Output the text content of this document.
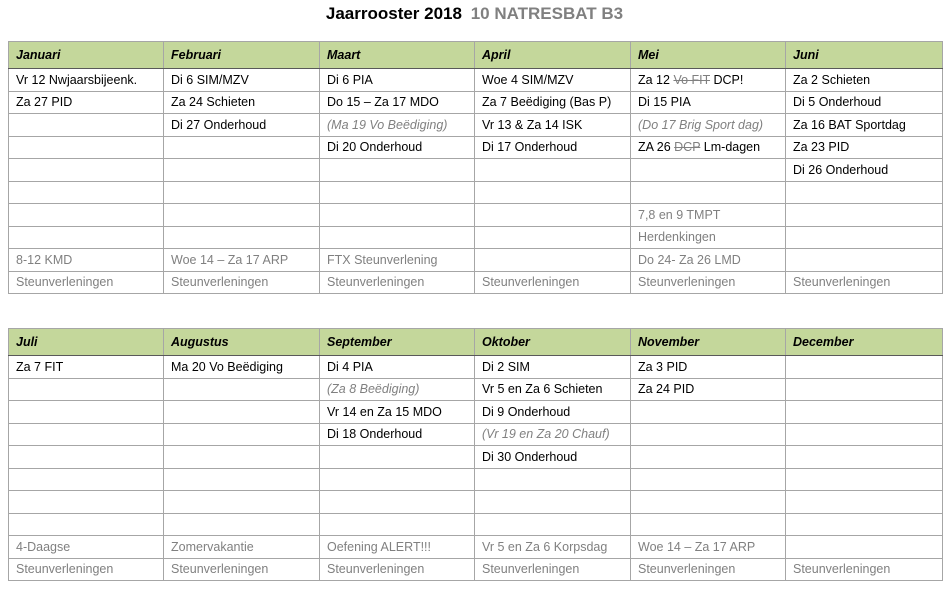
Jaarrooster 2018 10 NATRESBAT B3
Januari	Februari	Maart	April	Mei	Juni
Vr 12 Nwjaarsbijeenk.	Di 6 SIM/MZV	Di 6 PIA	Woe 4 SIM/MZV	Za 12 Vo FIT DCP!	Za 2 Schieten
Za 27 PID	Za 24 Schieten	Do 15 – Za 17 MDO	Za 7 Beëdiging (Bas P)	Di 15 PIA	Di 5 Onderhoud
	Di 27 Onderhoud	(Ma 19 Vo Beëdiging)	Vr 13 & Za 14 ISK	(Do 17 Brig Sport dag)	Za 16 BAT Sportdag
		Di 20 Onderhoud	Di 17 Onderhoud	ZA 26 DCP Lm-dagen	Za 23 PID
					Di 26 Onderhoud

				7,8 en 9 TMPT	
				Herdenkingen	
8-12 KMD	Woe 14 – Za 17 ARP	FTX Steunverlening		Do 24- Za 26 LMD	
Steunverleningen	Steunverleningen	Steunverleningen	Steunverleningen	Steunverleningen	Steunverleningen
Juli	Augustus	September	Oktober	November	December
Za 7 FIT	Ma 20 Vo Beëdiging	Di 4 PIA	Di 2 SIM	Za 3 PID	
		(Za 8 Beëdiging)	Vr 5 en Za 6 Schieten	Za 24 PID	
		Vr 14 en Za 15 MDO	Di 9 Onderhoud		
		Di 18 Onderhoud	(Vr 19 en Za 20 Chauf)		
			Di 30 Onderhoud		

4-Daagse	Zomervakantie	Oefening ALERT!!!	Vr 5 en Za 6 Korpsdag	Woe 14 – Za 17 ARP	
Steunverleningen	Steunverleningen	Steunverleningen	Steunverleningen	Steunverleningen	Steunverleningen
